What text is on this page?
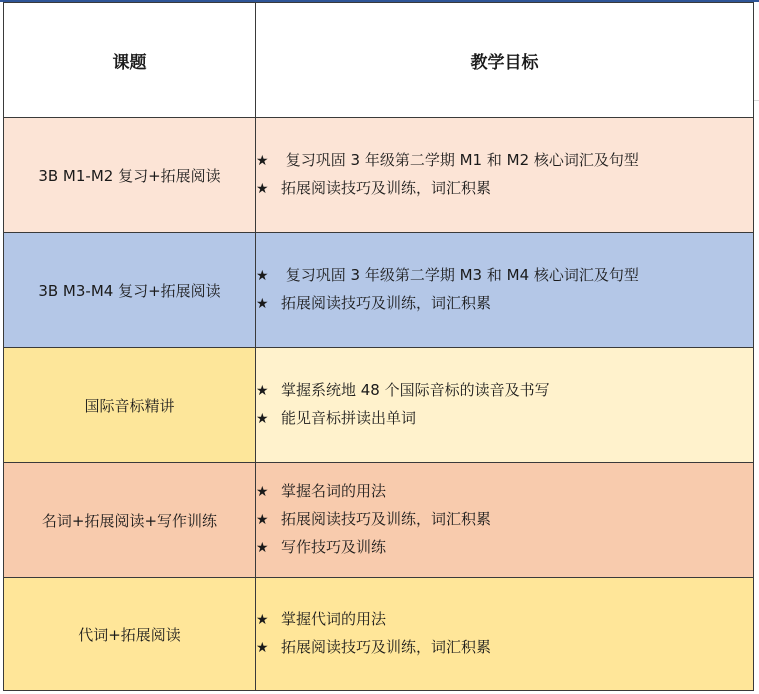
课题	教学目标
3B M1-M2 复习+拓展阅读	★ 复习巩固 3 年级第二学期 M1 和 M2 核心词汇及句型
★ 拓展阅读技巧及训练，词汇积累

3B M3-M4 复习+拓展阅读	★ 复习巩固 3 年级第二学期 M3 和 M4 核心词汇及句型
★ 拓展阅读技巧及训练，词汇积累

国际音标精讲	★ 掌握系统地 48 个国际音标的读音及书写
★ 能见音标拼读出单词

名词+拓展阅读+写作训练	★ 掌握名词的用法
★ 拓展阅读技巧及训练，词汇积累
★ 写作技巧及训练

代词+拓展阅读	★ 掌握代词的用法
★ 拓展阅读技巧及训练，词汇积累
